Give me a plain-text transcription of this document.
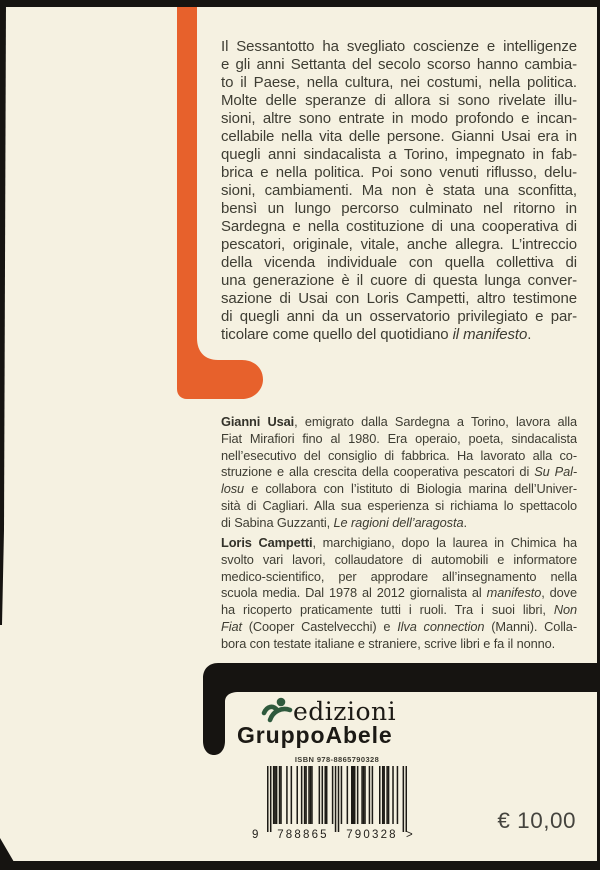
Il Sessantotto ha svegliato coscienze e intelligenze
e gli anni Settanta del secolo scorso hanno cambia-
to il Paese, nella cultura, nei costumi, nella politica.
Molte delle speranze di allora si sono rivelate illu-
sioni, altre sono entrate in modo profondo e incan-
cellabile nella vita delle persone. Gianni Usai era in
quegli anni sindacalista a Torino, impegnato in fab-
brica e nella politica. Poi sono venuti riflusso, delu-
sioni, cambiamenti. Ma non è stata una sconfitta,
bensì un lungo percorso culminato nel ritorno in
Sardegna e nella costituzione di una cooperativa di
pescatori, originale, vitale, anche allegra. L’intreccio
della vicenda individuale con quella collettiva di
una generazione è il cuore di questa lunga conver-
sazione di Usai con Loris Campetti, altro testimone
di quegli anni da un osservatorio privilegiato e par-
ticolare come quello del quotidiano il manifesto.
Gianni Usai, emigrato dalla Sardegna a Torino, lavora alla
Fiat Mirafiori fino al 1980. Era operaio, poeta, sindacalista
nell’esecutivo del consiglio di fabbrica. Ha lavorato alla co-
struzione e alla crescita della cooperativa pescatori di Su Pal-
losu e collabora con l’istituto di Biologia marina dell’Univer-
sità di Cagliari. Alla sua esperienza si richiama lo spettacolo
di Sabina Guzzanti, Le ragioni dell’aragosta.
Loris Campetti, marchigiano, dopo la laurea in Chimica ha
svolto vari lavori, collaudatore di automobili e informatore
medico-scientifico, per approdare all’insegnamento nella
scuola media. Dal 1978 al 2012 giornalista al manifesto, dove
ha ricoperto praticamente tutti i ruoli. Tra i suoi libri, Non
Fiat (Cooper Castelvecchi) e Ilva connection (Manni). Colla-
bora con testate italiane e straniere, scrive libri e fa il nonno.
edizioni
GruppoAbele
ISBN 978-8865790328
9	788865	790328 >
€ 10,00
